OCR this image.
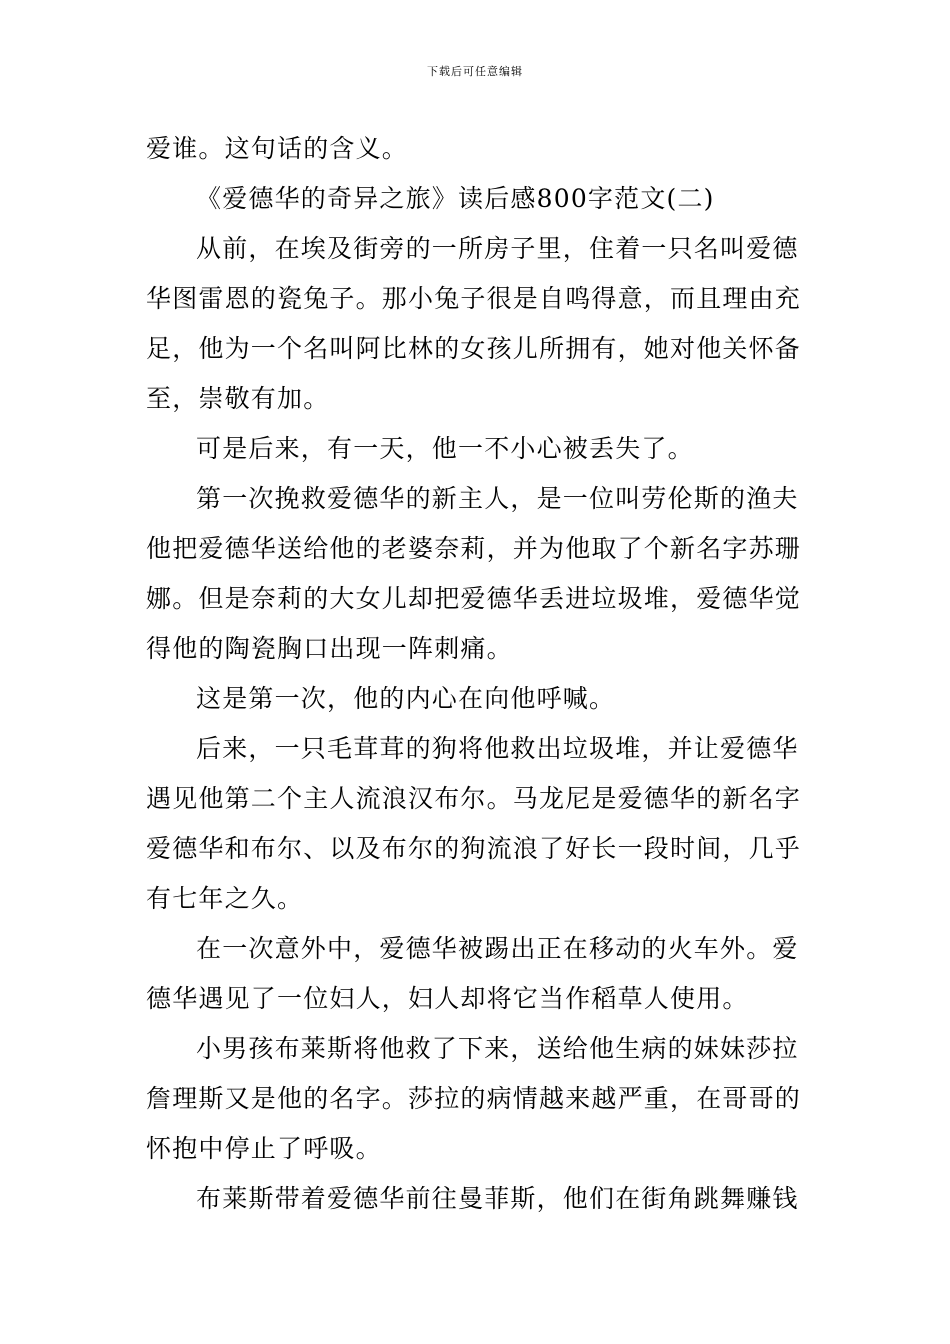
下载后可任意编辑
爱谁。这句话的含义。
《爱德华的奇异之旅》读后感800字范文(二)
从前，在埃及街旁的一所房子里，住着一只名叫爱德
华图雷恩的瓷兔子。那小兔子很是自鸣得意，而且理由充
足，他为一个名叫阿比林的女孩儿所拥有，她对他关怀备
至，崇敬有加。
可是后来，有一天，他一不小心被丢失了。
第一次挽救爱德华的新主人，是一位叫劳伦斯的渔夫
他把爱德华送给他的老婆奈莉，并为他取了个新名字苏珊
娜。但是奈莉的大女儿却把爱德华丢进垃圾堆，爱德华觉
得他的陶瓷胸口出现一阵刺痛。
这是第一次，他的内心在向他呼喊。
后来，一只毛茸茸的狗将他救出垃圾堆，并让爱德华
遇见他第二个主人流浪汉布尔。马龙尼是爱德华的新名字
爱德华和布尔、以及布尔的狗流浪了好长一段时间，几乎
有七年之久。
在一次意外中，爱德华被踢出正在移动的火车外。爱
德华遇见了一位妇人，妇人却将它当作稻草人使用。
小男孩布莱斯将他救了下来，送给他生病的妹妹莎拉
詹理斯又是他的名字。莎拉的病情越来越严重，在哥哥的
怀抱中停止了呼吸。
布莱斯带着爱德华前往曼菲斯，他们在街角跳舞赚钱
